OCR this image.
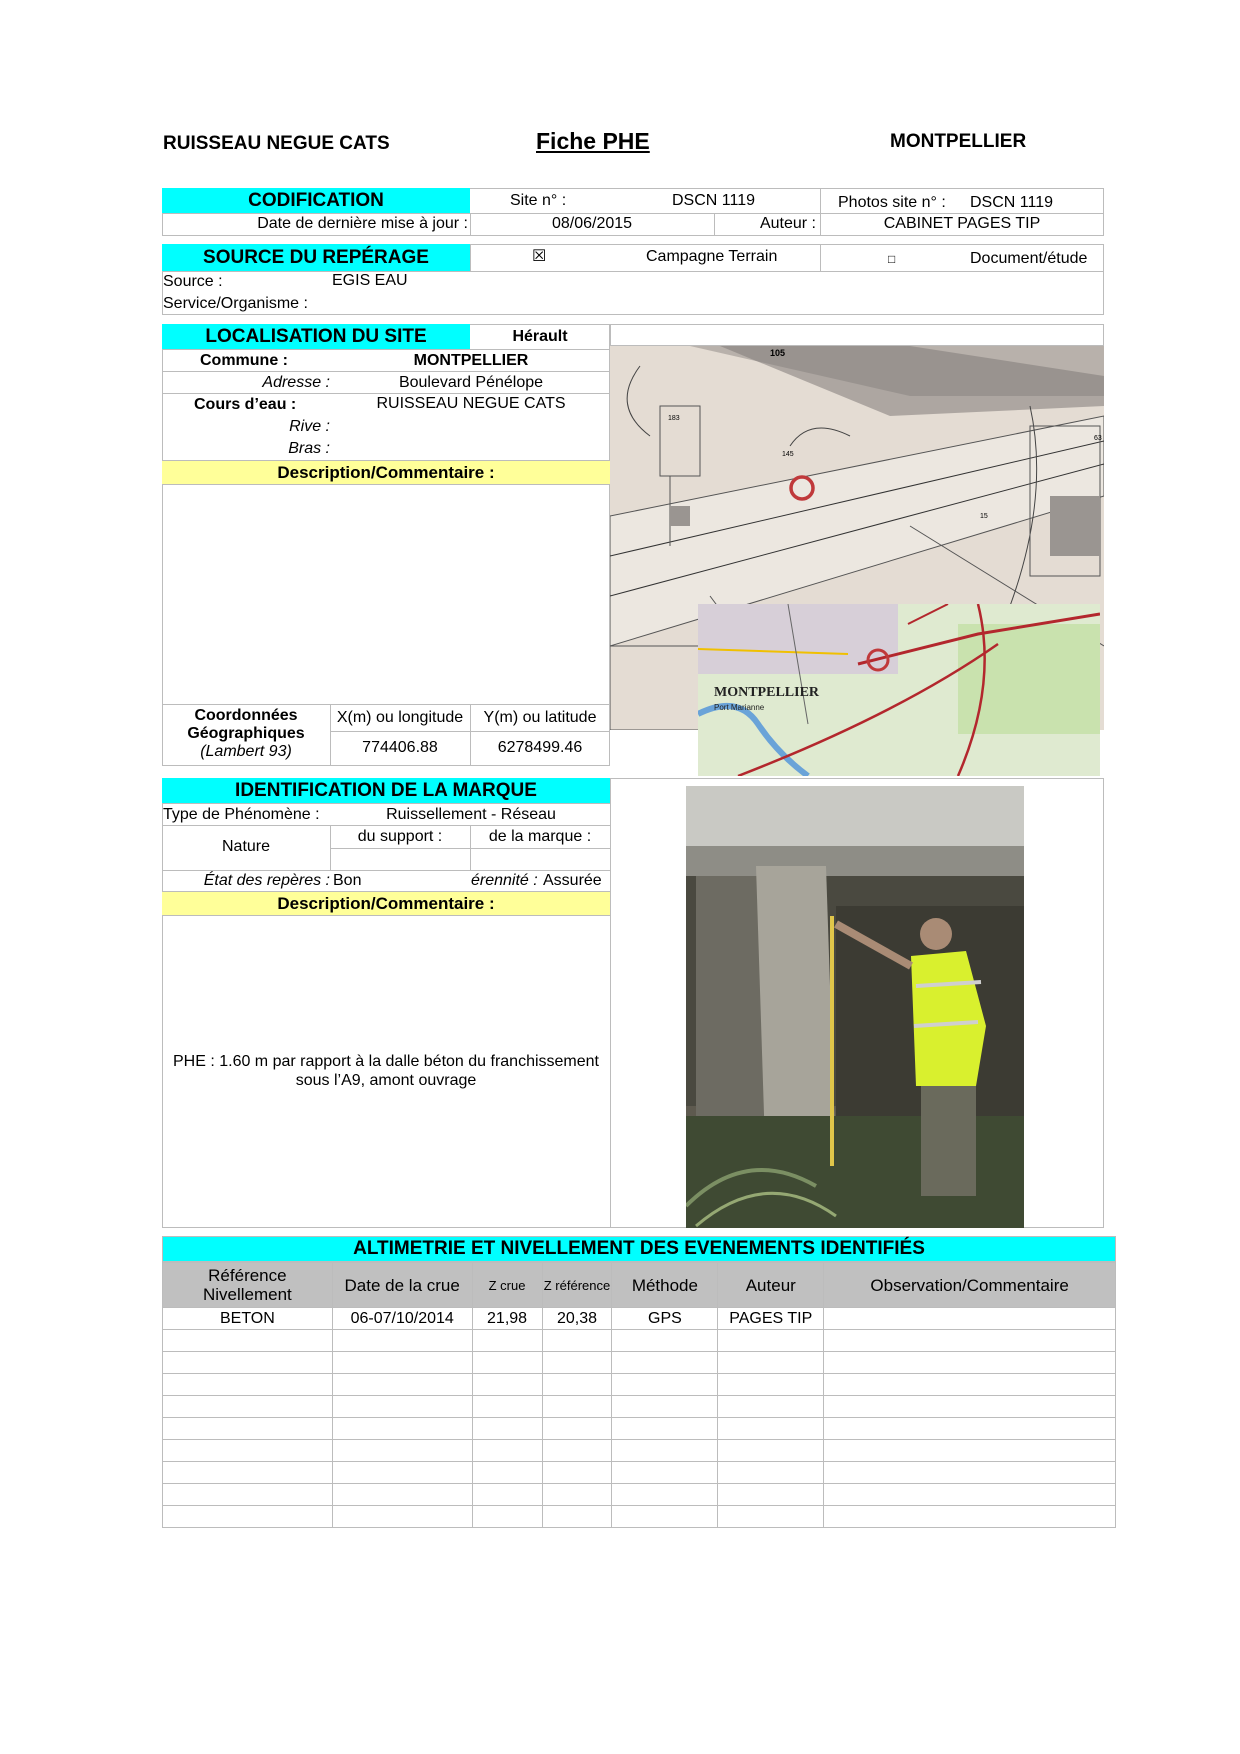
RUISSEAU NEGUE CATS	Fiche PHE	MONTPELLIER
CODIFICATION	Site n° :	DSCN 1119	Photos site n° : DSCN 1119
Date de dernière mise à jour :	08/06/2015	Auteur :	CABINET PAGES TIP
SOURCE DU REPÉRAGE	☒	Campagne Terrain	□	Document/étude
Source :	EGIS EAU
Service/Organisme :
LOCALISATION DU SITE	Hérault
Commune :	MONTPELLIER
Adresse :	Boulevard Pénélope
Cours d’eau :	RUISSEAU NEGUE CATS
Rive :
Bras :
Description/Commentaire :
Coordonnées
Géographiques
(Lambert 93)
X(m) ou longitude	Y(m) ou latitude
774406.88	6278499.46
105
183
145
63
15
MONTPELLIER
Port Marianne
IDENTIFICATION DE LA MARQUE
Type de Phénomène :	Ruissellement - Réseau
du support :	de la marque :
Nature
État des repères : Bon	érennité : Assurée
Description/Commentaire :
PHE : 1.60 m par rapport à la dalle béton du franchissement
sous l’A9, amont ouvrage
ALTIMETRIE ET NIVELLEMENT DES EVENEMENTS IDENTIFIÉS
Référence Nivellement	Date de la crue	Z crue	Z référence	Méthode	Auteur	Observation/Commentaire
BETON	06-07/10/2014	21,98	20,38	GPS	PAGES TIP	
